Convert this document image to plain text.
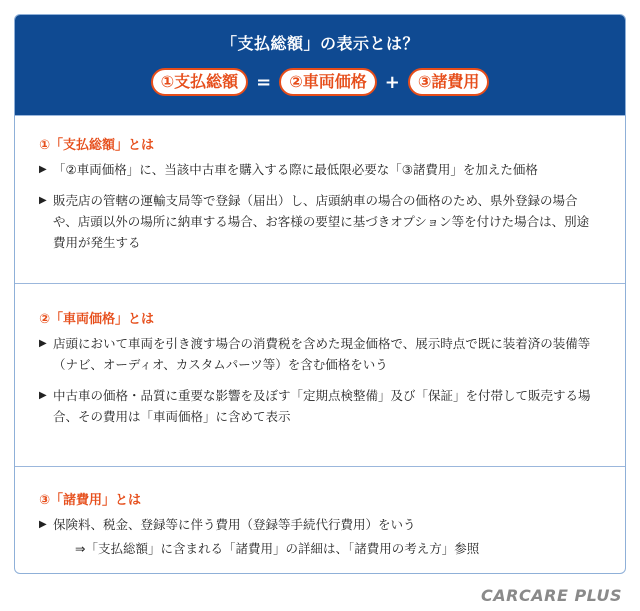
「支払総額」の表示とは？
①支払総額	=	②車両価格	+	③諸費用
①「支払総額」とは
▶ 「②車両価格」に、当該中古車を購入する際に最低限必要な「③諸費用」を加えた価格
▶ 販売店の管轄の運輸支局等で登録（届出）し、店頭納車の場合の価格のため、県外登録の場合や、店頭以外の場所に納車する場合、お客様の要望に基づきオプション等を付けた場合は、別途費用が発生する
②「車両価格」とは
▶ 店頭において車両を引き渡す場合の消費税を含めた現金価格で、展示時点で既に装着済の装備等（ナビ、オーディオ、カスタムパーツ等）を含む価格をいう
▶ 中古車の価格・品質に重要な影響を及ぼす「定期点検整備」及び「保証」を付帯して販売する場合、その費用は「車両価格」に含めて表示
③「諸費用」とは
▶ 保険料、税金、登録等に伴う費用（登録等手続代行費用）をいう
⇒「支払総額」に含まれる「諸費用」の詳細は、「諸費用の考え方」参照
CARCARE PLUS
